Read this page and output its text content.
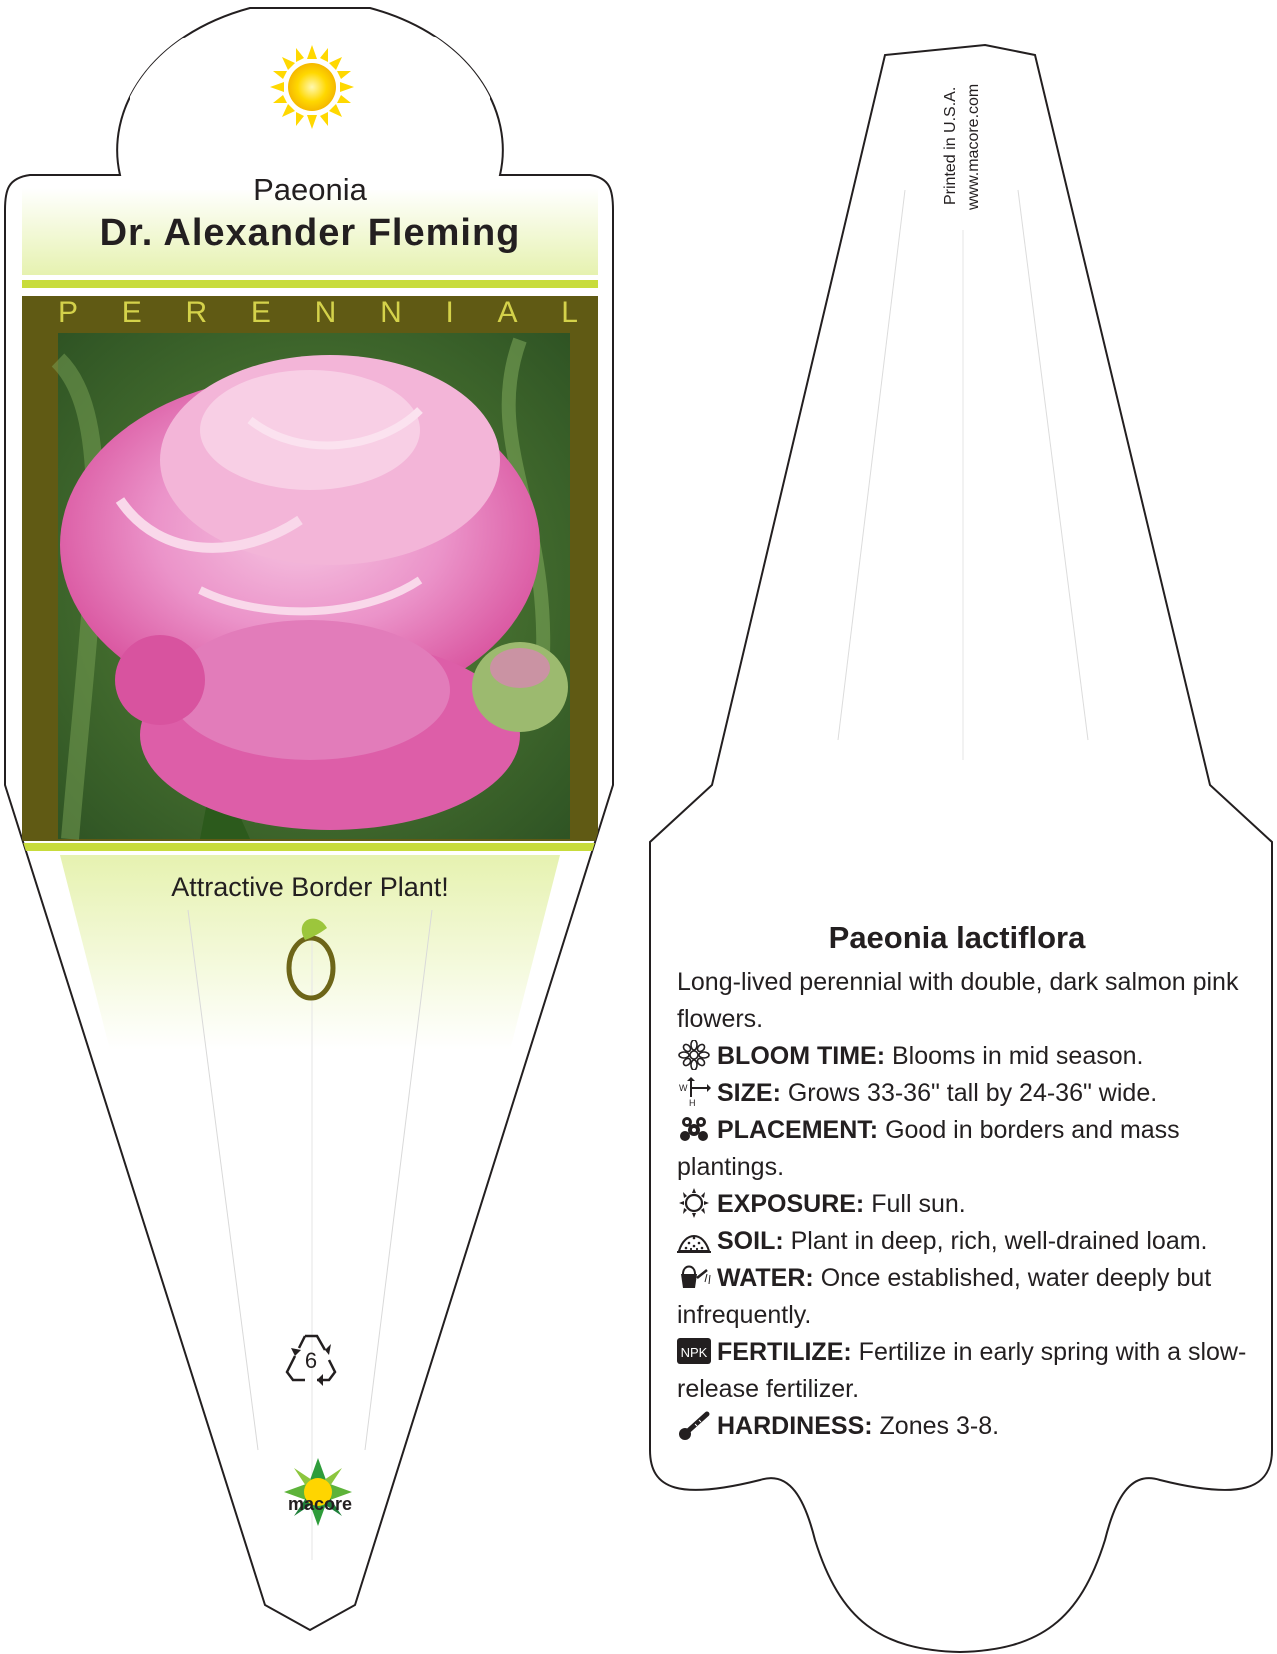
Paeonia
Dr. Alexander Fleming
P E R E N N I A L
Attractive Border Plant!
6
macore
Printed in U.S.A. www.macore.com
Paeonia lactiflora
Long-lived perennial with double, dark salmon pink flowers.
BLOOM TIME: Blooms in mid season.
W
H SIZE: Grows 33-36" tall by 24-36" wide.
PLACEMENT: Good in borders and mass plantings.
EXPOSURE: Full sun.
SOIL: Plant in deep, rich, well-drained loam.
WATER: Once established, water deeply but infrequently.
NPK FERTILIZE: Fertilize in early spring with a slow-release fertilizer.
HARDINESS: Zones 3-8.
